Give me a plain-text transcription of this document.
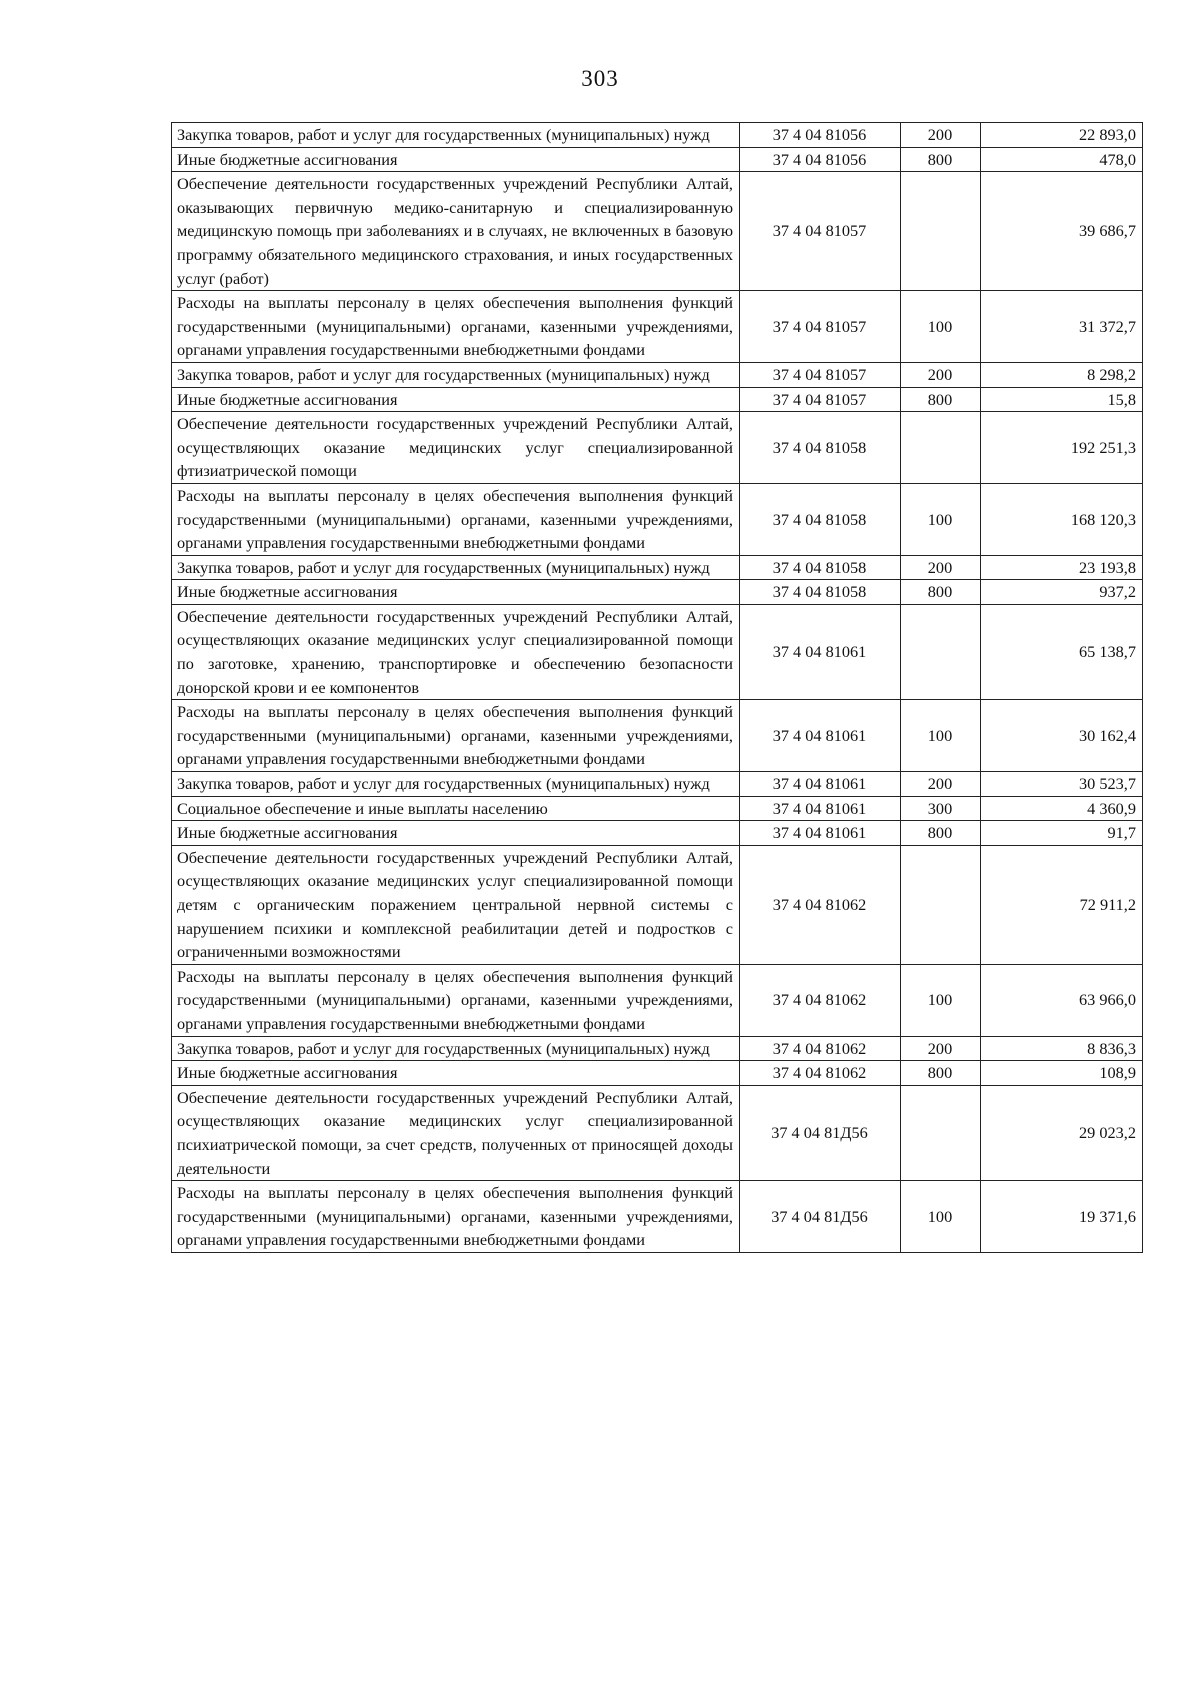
303
Закупка товаров, работ и услуг для государственных (муниципальных) нужд	37 4 04 81056	200	22 893,0
Иные бюджетные ассигнования	37 4 04 81056	800	478,0
Обеспечение деятельности государственных учреждений Республики Алтай, оказывающих первичную медико-санитарную и специализированную медицинскую помощь при заболеваниях и в случаях, не включенных в базовую программу обязательного медицинского страхования, и иных государственных услуг (работ)	37 4 04 81057		39 686,7
Расходы на выплаты персоналу в целях обеспечения выполнения функций государственными (муниципальными) органами, казенными учреждениями, органами управления государственными внебюджетными фондами	37 4 04 81057	100	31 372,7
Закупка товаров, работ и услуг для государственных (муниципальных) нужд	37 4 04 81057	200	8 298,2
Иные бюджетные ассигнования	37 4 04 81057	800	15,8
Обеспечение деятельности государственных учреждений Республики Алтай, осуществляющих оказание медицинских услуг специализированной фтизиатрической помощи	37 4 04 81058		192 251,3
Расходы на выплаты персоналу в целях обеспечения выполнения функций государственными (муниципальными) органами, казенными учреждениями, органами управления государственными внебюджетными фондами	37 4 04 81058	100	168 120,3
Закупка товаров, работ и услуг для государственных (муниципальных) нужд	37 4 04 81058	200	23 193,8
Иные бюджетные ассигнования	37 4 04 81058	800	937,2
Обеспечение деятельности государственных учреждений Республики Алтай, осуществляющих оказание медицинских услуг специализированной помощи по заготовке, хранению, транспортировке и обеспечению безопасности донорской крови и ее компонентов	37 4 04 81061		65 138,7
Расходы на выплаты персоналу в целях обеспечения выполнения функций государственными (муниципальными) органами, казенными учреждениями, органами управления государственными внебюджетными фондами	37 4 04 81061	100	30 162,4
Закупка товаров, работ и услуг для государственных (муниципальных) нужд	37 4 04 81061	200	30 523,7
Социальное обеспечение и иные выплаты населению	37 4 04 81061	300	4 360,9
Иные бюджетные ассигнования	37 4 04 81061	800	91,7
Обеспечение деятельности государственных учреждений Республики Алтай, осуществляющих оказание медицинских услуг специализированной помощи детям с органическим поражением центральной нервной системы с нарушением психики и комплексной реабилитации детей и подростков с ограниченными возможностями	37 4 04 81062		72 911,2
Расходы на выплаты персоналу в целях обеспечения выполнения функций государственными (муниципальными) органами, казенными учреждениями, органами управления государственными внебюджетными фондами	37 4 04 81062	100	63 966,0
Закупка товаров, работ и услуг для государственных (муниципальных) нужд	37 4 04 81062	200	8 836,3
Иные бюджетные ассигнования	37 4 04 81062	800	108,9
Обеспечение деятельности государственных учреждений Республики Алтай, осуществляющих оказание медицинских услуг специализированной психиатрической помощи, за счет средств, полученных от приносящей доходы деятельности	37 4 04 81Д56		29 023,2
Расходы на выплаты персоналу в целях обеспечения выполнения функций государственными (муниципальными) органами, казенными учреждениями, органами управления государственными внебюджетными фондами	37 4 04 81Д56	100	19 371,6
